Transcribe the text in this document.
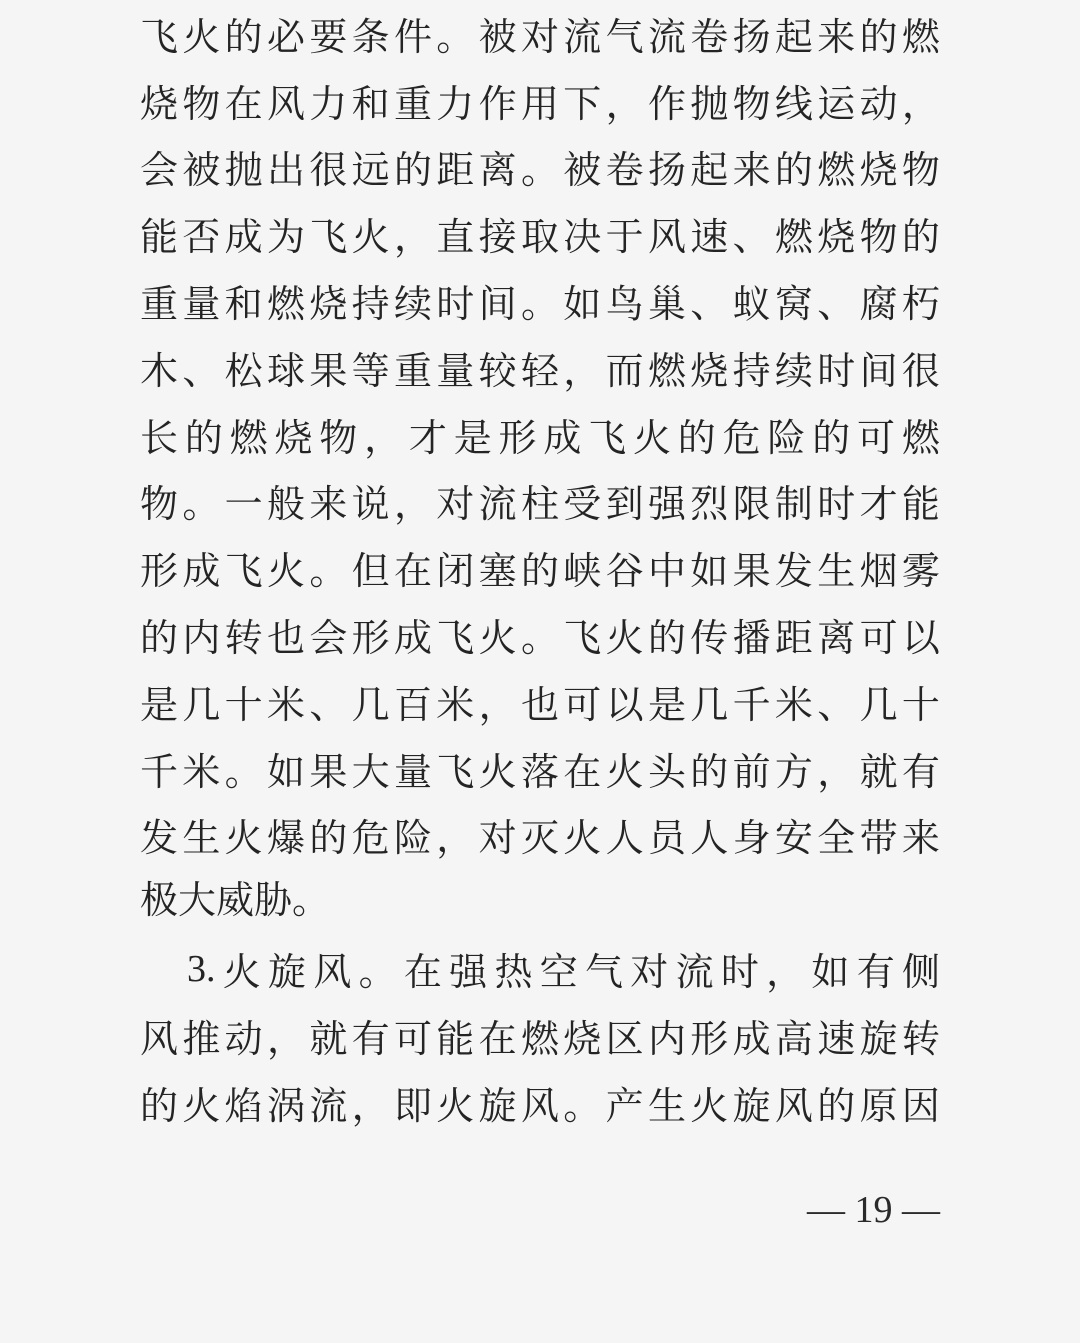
飞 火 的 必 要 条 件 。 被 对 流 气 流 卷 扬 起 来 的 燃
烧 物 在 风 力 和 重 力 作 用 下 ， 作 抛 物 线 运 动 ，
会 被 抛 出 很 远 的 距 离 。 被 卷 扬 起 来 的 燃 烧 物
能 否 成 为 飞 火 ， 直 接 取 决 于 风 速 、 燃 烧 物 的
重 量 和 燃 烧 持 续 时 间 。 如 鸟 巢 、 蚁 窝 、 腐 朽
木 、 松 球 果 等 重 量 较 轻 ， 而 燃 烧 持 续 时 间 很
长 的 燃 烧 物 ， 才 是 形 成 飞 火 的 危 险 的 可 燃
物 。 一 般 来 说 ， 对 流 柱 受 到 强 烈 限 制 时 才 能
形 成 飞 火 。 但 在 闭 塞 的 峡 谷 中 如 果 发 生 烟 雾
的 内 转 也 会 形 成 飞 火 。 飞 火 的 传 播 距 离 可 以
是 几 十 米 、 几 百 米 ， 也 可 以 是 几 千 米 、 几 十
千 米 。 如 果 大 量 飞 火 落 在 火 头 的 前 方 ， 就 有
发 生 火 爆 的 危 险 ， 对 灭 火 人 员 人 身 安 全 带 来
极大威胁。
3. 火 旋 风 。 在 强 热 空 气 对 流 时 ， 如 有 侧
风 推 动 ， 就 有 可 能 在 燃 烧 区 内 形 成 高 速 旋 转
的 火 焰 涡 流 ， 即 火 旋 风 。 产 生 火 旋 风 的 原 因
— 19 —
